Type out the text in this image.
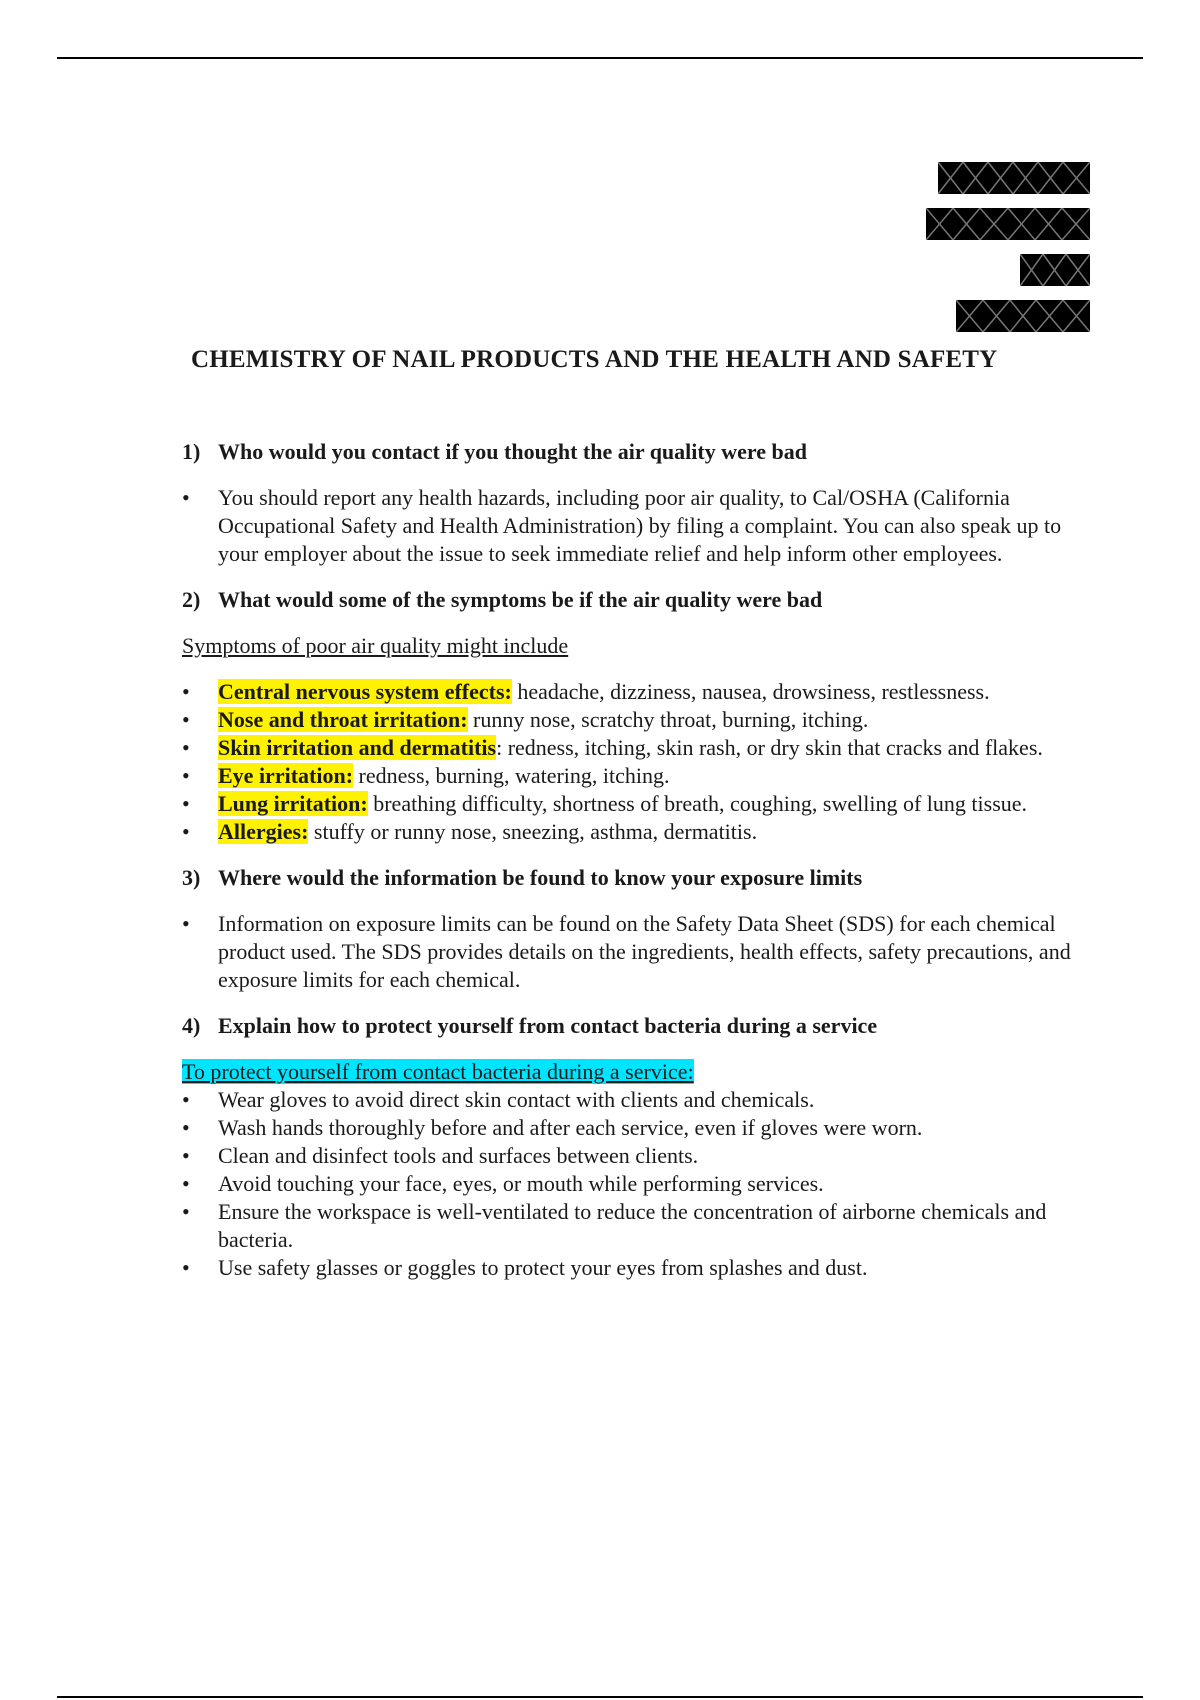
CHEMISTRY OF NAIL PRODUCTS AND THE HEALTH AND SAFETY
1) Who would you contact if you thought the air quality were bad
• You should report any health hazards, including poor air quality, to Cal/OSHA (California Occupational Safety and Health Administration) by filing a complaint. You can also speak up to your employer about the issue to seek immediate relief and help inform other employees.
2) What would some of the symptoms be if the air quality were bad
Symptoms of poor air quality might include
• Central nervous system effects: headache, dizziness, nausea, drowsiness, restlessness.
• Nose and throat irritation: runny nose, scratchy throat, burning, itching.
• Skin irritation and dermatitis: redness, itching, skin rash, or dry skin that cracks and flakes.
• Eye irritation: redness, burning, watering, itching.
• Lung irritation: breathing difficulty, shortness of breath, coughing, swelling of lung tissue.
• Allergies: stuffy or runny nose, sneezing, asthma, dermatitis.
3) Where would the information be found to know your exposure limits
• Information on exposure limits can be found on the Safety Data Sheet (SDS) for each chemical product used. The SDS provides details on the ingredients, health effects, safety precautions, and exposure limits for each chemical.
4) Explain how to protect yourself from contact bacteria during a service
To protect yourself from contact bacteria during a service:
• Wear gloves to avoid direct skin contact with clients and chemicals.
• Wash hands thoroughly before and after each service, even if gloves were worn.
• Clean and disinfect tools and surfaces between clients.
• Avoid touching your face, eyes, or mouth while performing services.
• Ensure the workspace is well-ventilated to reduce the concentration of airborne chemicals and bacteria.
• Use safety glasses or goggles to protect your eyes from splashes and dust.
